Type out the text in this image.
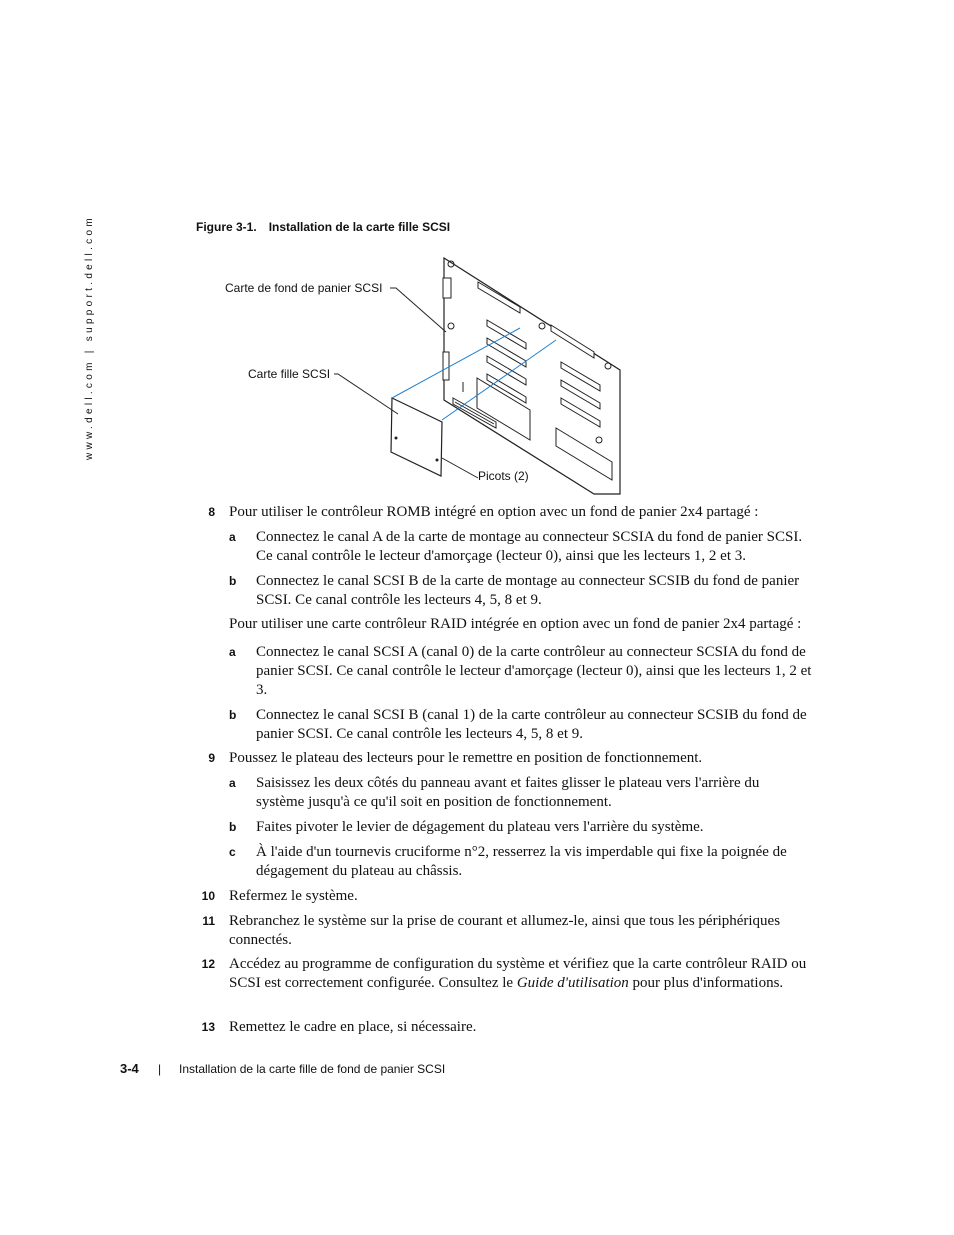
www.dell.com | support.dell.com	Figure 3-1. Installation de la carte fille SCSI
Carte de fond de panier SCSI
Carte fille SCSI
Picots (2)
8 Pour utiliser le contrôleur ROMB intégré en option avec un fond de panier 2x4 partagé :
a Connectez le canal A de la carte de montage au connecteur SCSIA du fond de panier SCSI. Ce canal contrôle le lecteur d'amorçage (lecteur 0), ainsi que les lecteurs 1, 2 et 3.
b Connectez le canal SCSI B de la carte de montage au connecteur SCSIB du fond de panier SCSI. Ce canal contrôle les lecteurs 4, 5, 8 et 9.
Pour utiliser une carte contrôleur RAID intégrée en option avec un fond de panier 2x4 partagé :
a Connectez le canal SCSI A (canal 0) de la carte contrôleur au connecteur SCSIA du fond de panier SCSI. Ce canal contrôle le lecteur d'amorçage (lecteur 0), ainsi que les lecteurs 1, 2 et 3.
b Connectez le canal SCSI B (canal 1) de la carte contrôleur au connecteur SCSIB du fond de panier SCSI. Ce canal contrôle les lecteurs 4, 5, 8 et 9.
9 Poussez le plateau des lecteurs pour le remettre en position de fonctionnement.
a Saisissez les deux côtés du panneau avant et faites glisser le plateau vers l'arrière du système jusqu'à ce qu'il soit en position de fonctionnement.
b Faites pivoter le levier de dégagement du plateau vers l'arrière du système.
c À l'aide d'un tournevis cruciforme n°2, resserrez la vis imperdable qui fixe la poignée de dégagement du plateau au châssis.
10 Refermez le système.
11 Rebranchez le système sur la prise de courant et allumez-le, ainsi que tous les périphériques connectés.
12 Accédez au programme de configuration du système et vérifiez que la carte contrôleur RAID ou SCSI est correctement configurée. Consultez le Guide d'utilisation pour plus d'informations.
13 Remettez le cadre en place, si nécessaire.
3-4 | Installation de la carte fille de fond de panier SCSI
